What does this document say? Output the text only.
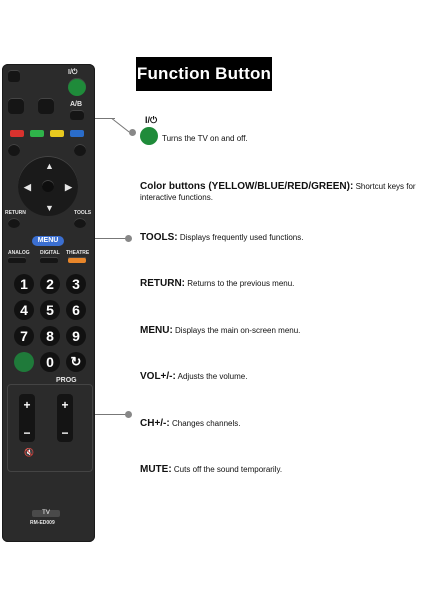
Function Button
I/⏻
A/B
▲
▼
◀	▶
RETURN	TOOLS
MENU
ANALOG DIGITAL THEATRE
1	2	3
4	5	6
7	8	9
0	↻
PROG
+
−
+
−
🔇
TV
RM-ED009
I/⏻
Turns the TV on and off.
Color buttons (YELLOW/BLUE/RED/GREEN): Shortcut keys for interactive functions.
TOOLS: Displays frequently used functions.
RETURN: Returns to the previous menu.
MENU: Displays the main on-screen menu.
VOL+/-: Adjusts the volume.
CH+/-: Changes channels.
MUTE: Cuts off the sound temporarily.
